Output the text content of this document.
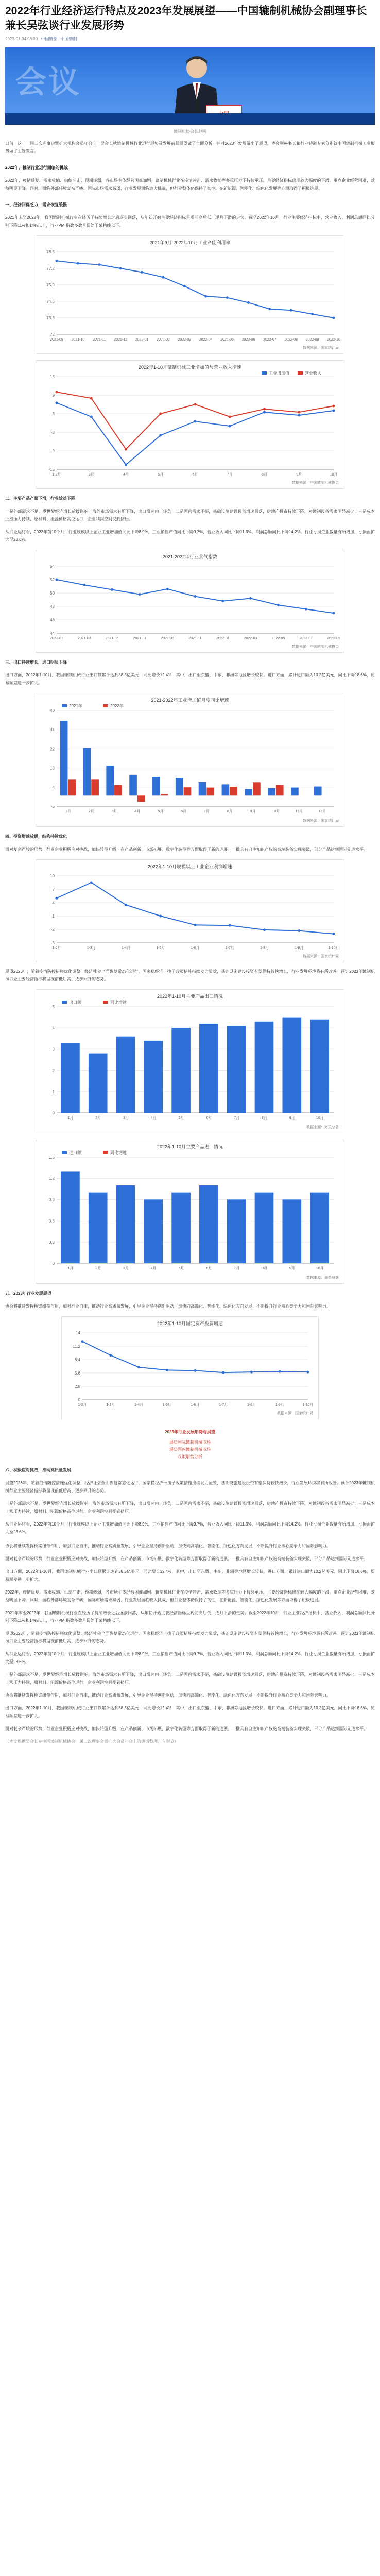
2022年行业经济运行特点及2023年发展展望——中国辘制机械协会副理事长兼长吴弦谈行业发展形势
2023-01-04 08:00 中国辘制 中国辘制
会议
辘制机协会长赵明

日前，这一一届二次理事会暨扩大机构会员年会上，吴会长就辘制机械行业运行形势及发展前景展望做了全面分析，并对2023年发展做出了展望，协会副秘书长和行业特邀专家分别就中国辘制机械工业形势做了主旨发言。

2022年，辘制行业运行面临的挑战

2022年，疫情反复、需求收缩、供给冲击、预期转弱，各市场主体经营困难加剧。辘制机械行业在疫情冲击、需求收缩等多重压力下持续承压，主要经济指标出现较大幅度的下滑。重点企业经营困难，效益明显下降。同时，面临外部环境复杂严峻，国际市场需求减弱，行业发展面临较大挑战，但行业整体仍保持了韧性，在新能源、智能化、绿色化发展等方面取得了积极进展。

一、经济回稳乏力，需求恢复缓慢

2021年末至2022年，我国辘制机械行业在经历了持续增长之后逐步回落，从年初开始主要经济指标呈现前高后低、逐月下滑的走势。截至2022年10月，行业主要经济指标中，营业收入、利润总额同比分别下降11%和14%以上，行业PMI指数多数月份处于荣枯线以下。

2021年9月-2022年10月工业产能利用率
72
73.3
74.6
75.9
77.2
78.5
2021-09 2021-10 2021-11 2021-12 2022-01 2022-02 2022-03 2022-04 2022-05 2022-06 2022-07 2022-08 2022-09 2022-10
数据来源：国家统计局
2022年1-10月辘制机械工业增加值与营业收入增速
-15
-9
-3
3
9
15
1-2月	3月	4月	5月	6月	7月	8月	9月	10月
工业增加值	营业收入
数据来源：中国辘制机械协会
二、主要产品产量下滑，行业效益下降

一是外部需求不足。受世界经济增长放缓影响，海外市场需求有所下降，出口增速由正转负；二是国内需求不振，基础设施建设投资增速回落，房地产投资持续下降，对辘制设备需求明显减少；三是成本上涨压力持续，原材料、能源价格高位运行，企业利润空间受到挤压。

从行业运行看，2022年前10个月，行业规模以上企业工业增加值同比下降8.9%，工业销售产值同比下降9.7%，营业收入同比下降11.3%，利润总额同比下降14.2%。行业亏损企业数量有所增加，亏损面扩大至23.6%。

2021-2022年行业景气指数
44
46
48
50
52
54
2021-01	2021-03	2021-05	2021-07	2021-09	2021-11	2022-01	2022-03	2022-05	2022-07	2022-09
数据来源：中国辘制机械协会
三、出口持续增长，进口明显下降

出口方面，2022年1-10月，我国辘制机械行业出口额累计达到38.5亿美元，同比增长12.4%，其中，出口至东盟、中东、非洲等地区增长较快。进口方面，累计进口额为10.2亿美元，同比下降18.6%，贸易顺差进一步扩大。

2021-2022年工业增加值月度同比增速
-5
4
13
22
31
40
1月	2月	3月	4月	5月	6月	7月	8月	9月	10月	11月	12月
2021年	2022年
数据来源：国家统计局
四、投资增速放缓，结构持续优化

面对复杂严峻的形势，行业企业积极应对挑战，加快转型升级，在产品创新、市场拓展、数字化转型等方面取得了新的进展。一批具有自主知识产权的高端装备实现突破，部分产品达到国际先进水平。

2022年1-10月规模以上工业企业利润增速
-5
-2
1
4
7
10
1-2月	1-3月	1-4月	1-5月	1-6月	1-7月	1-8月	1-9月	1-10月
数据来源：国家统计局

展望2023年，随着疫情防控措施优化调整，经济社会全面恢复常态化运行，国家稳经济一揽子政策措施持续发力显效，基础设施建设投资有望保持较快增长，行业发展环境将有所改善。预计2023年辘制机械行业主要经济指标将呈现前低后高、逐步回升的态势。

2022年1-10月主要产品出口情况
0
1
2
3
4
5
1月	2月	3月	4月	5月	6月	7月	8月	9月	10月
出口额	同比增速
数据来源：海关总署
2022年1-10月主要产品进口情况
0
0.3
0.6
0.9
1.2
1.5
1月	2月	3月	4月	5月	6月	7月	8月	9月	10月
进口额	同比增速
数据来源：海关总署
五、2023年行业发展展望

协会将继续发挥桥梁纽带作用，加强行业自律，推动行业高质量发展，引导企业坚持创新驱动，加快向高端化、智能化、绿色化方向发展，不断提升行业核心竞争力和国际影响力。

2022年1-10月固定资产投资增速
0
2.8
5.6
8.4
11.2
14
1-2月	1-3月	1-4月	1-5月	1-6月	1-7月	1-8月	1-9月	1-10月
数据来源：国家统计局
2023年行业发展形势与展望
展望国际辘制机械市场
展望国内辘制机械市场
政策形势分析
六、积极应对挑战，推动高质量发展

展望2023年，随着疫情防控措施优化调整，经济社会全面恢复常态化运行，国家稳经济一揽子政策措施持续发力显效，基础设施建设投资有望保持较快增长，行业发展环境将有所改善。预计2023年辘制机械行业主要经济指标将呈现前低后高、逐步回升的态势。

一是外部需求不足。受世界经济增长放缓影响，海外市场需求有所下降，出口增速由正转负；二是国内需求不振，基础设施建设投资增速回落，房地产投资持续下降，对辘制设备需求明显减少；三是成本上涨压力持续，原材料、能源价格高位运行，企业利润空间受到挤压。

从行业运行看，2022年前10个月，行业规模以上企业工业增加值同比下降8.9%，工业销售产值同比下降9.7%，营业收入同比下降11.3%，利润总额同比下降14.2%。行业亏损企业数量有所增加，亏损面扩大至23.6%。

协会将继续发挥桥梁纽带作用，加强行业自律，推动行业高质量发展，引导企业坚持创新驱动，加快向高端化、智能化、绿色化方向发展，不断提升行业核心竞争力和国际影响力。

面对复杂严峻的形势，行业企业积极应对挑战，加快转型升级，在产品创新、市场拓展、数字化转型等方面取得了新的进展。一批具有自主知识产权的高端装备实现突破，部分产品达到国际先进水平。

出口方面，2022年1-10月，我国辘制机械行业出口额累计达到38.5亿美元，同比增长12.4%，其中，出口至东盟、中东、非洲等地区增长较快。进口方面，累计进口额为10.2亿美元，同比下降18.6%，贸易顺差进一步扩大。

2022年，疫情反复、需求收缩、供给冲击、预期转弱，各市场主体经营困难加剧。辘制机械行业在疫情冲击、需求收缩等多重压力下持续承压，主要经济指标出现较大幅度的下滑。重点企业经营困难，效益明显下降。同时，面临外部环境复杂严峻，国际市场需求减弱，行业发展面临较大挑战，但行业整体仍保持了韧性，在新能源、智能化、绿色化发展等方面取得了积极进展。

2021年末至2022年，我国辘制机械行业在经历了持续增长之后逐步回落，从年初开始主要经济指标呈现前高后低、逐月下滑的走势。截至2022年10月，行业主要经济指标中，营业收入、利润总额同比分别下降11%和14%以上，行业PMI指数多数月份处于荣枯线以下。

展望2023年，随着疫情防控措施优化调整，经济社会全面恢复常态化运行，国家稳经济一揽子政策措施持续发力显效，基础设施建设投资有望保持较快增长，行业发展环境将有所改善。预计2023年辘制机械行业主要经济指标将呈现前低后高、逐步回升的态势。

从行业运行看，2022年前10个月，行业规模以上企业工业增加值同比下降8.9%，工业销售产值同比下降9.7%，营业收入同比下降11.3%，利润总额同比下降14.2%。行业亏损企业数量有所增加，亏损面扩大至23.6%。

一是外部需求不足。受世界经济增长放缓影响，海外市场需求有所下降，出口增速由正转负；二是国内需求不振，基础设施建设投资增速回落，房地产投资持续下降，对辘制设备需求明显减少；三是成本上涨压力持续，原材料、能源价格高位运行，企业利润空间受到挤压。

协会将继续发挥桥梁纽带作用，加强行业自律，推动行业高质量发展，引导企业坚持创新驱动，加快向高端化、智能化、绿色化方向发展，不断提升行业核心竞争力和国际影响力。

出口方面，2022年1-10月，我国辘制机械行业出口额累计达到38.5亿美元，同比增长12.4%，其中，出口至东盟、中东、非洲等地区增长较快。进口方面，累计进口额为10.2亿美元，同比下降18.6%，贸易顺差进一步扩大。

面对复杂严峻的形势，行业企业积极应对挑战，加快转型升级，在产品创新、市场拓展、数字化转型等方面取得了新的进展。一批具有自主知识产权的高端装备实现突破，部分产品达到国际先进水平。

（本文根据吴会长在中国辘制机械协会一届二次理事会暨扩大会员年会上的讲话整理，有删节）
